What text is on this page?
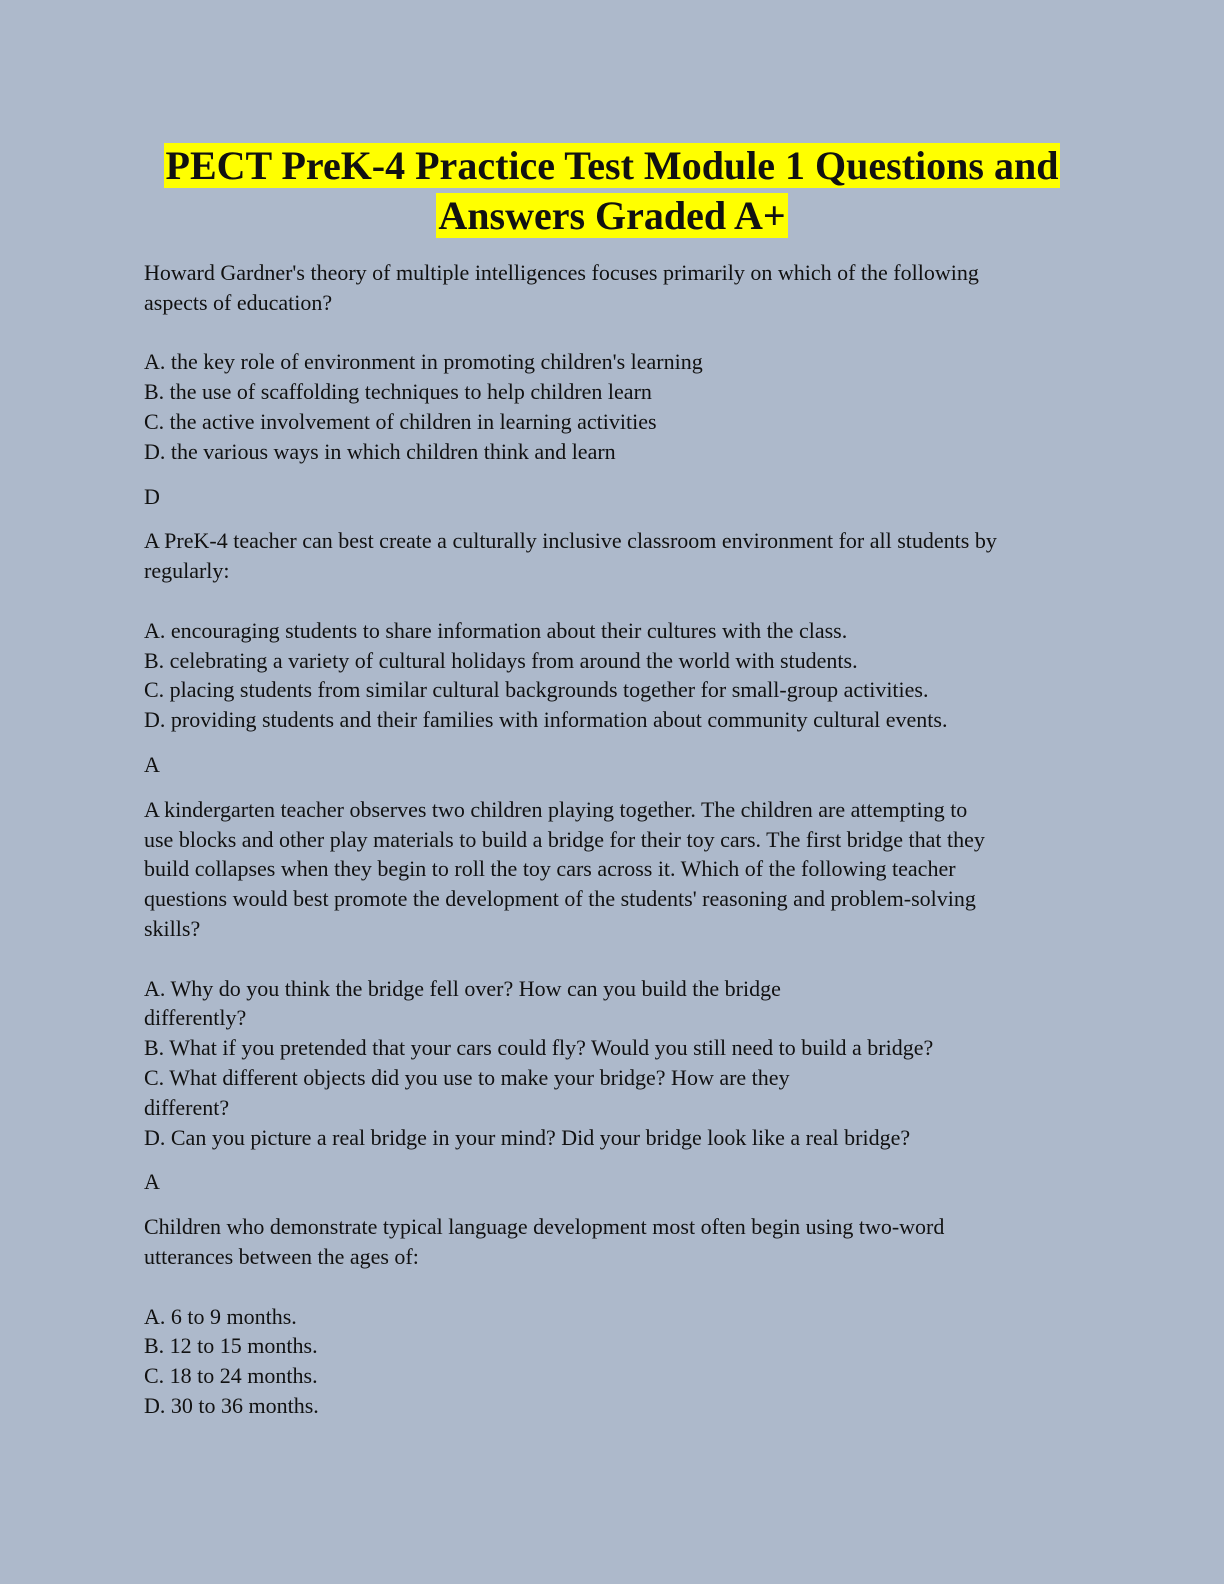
PECT PreK-4 Practice Test Module 1 Questions and
Answers Graded A+
Howard Gardner's theory of multiple intelligences focuses primarily on which of the following
aspects of education?
A. the key role of environment in promoting children's learning
B. the use of scaffolding techniques to help children learn
C. the active involvement of children in learning activities
D. the various ways in which children think and learn
D
A PreK-4 teacher can best create a culturally inclusive classroom environment for all students by
regularly:
A. encouraging students to share information about their cultures with the class.
B. celebrating a variety of cultural holidays from around the world with students.
C. placing students from similar cultural backgrounds together for small-group activities.
D. providing students and their families with information about community cultural events.
A
A kindergarten teacher observes two children playing together. The children are attempting to
use blocks and other play materials to build a bridge for their toy cars. The first bridge that they
build collapses when they begin to roll the toy cars across it. Which of the following teacher
questions would best promote the development of the students' reasoning and problem-solving
skills?
A. Why do you think the bridge fell over? How can you build the bridge
differently?
B. What if you pretended that your cars could fly? Would you still need to build a bridge?
C. What different objects did you use to make your bridge? How are they
different?
D. Can you picture a real bridge in your mind? Did your bridge look like a real bridge?
A
Children who demonstrate typical language development most often begin using two-word
utterances between the ages of:
A. 6 to 9 months.
B. 12 to 15 months.
C. 18 to 24 months.
D. 30 to 36 months.
